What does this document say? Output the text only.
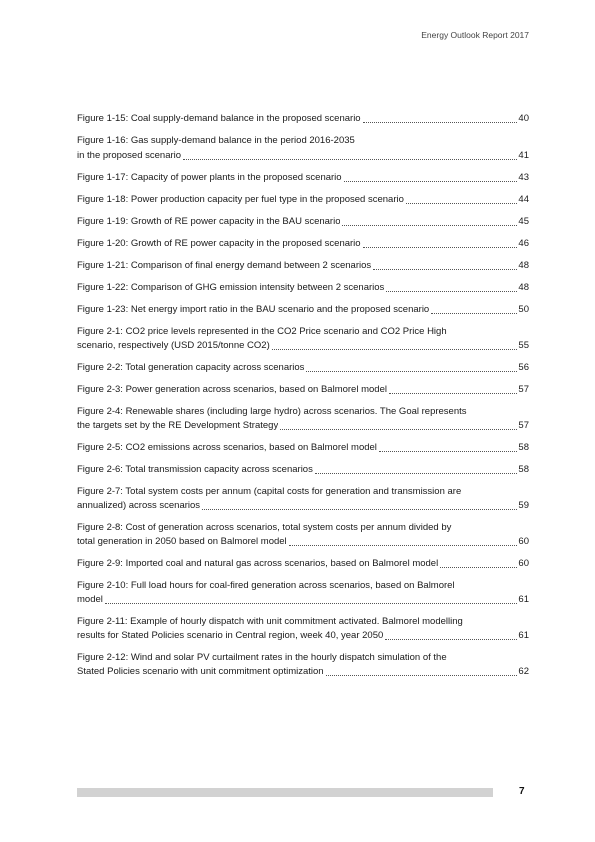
Energy Outlook Report 2017
Figure 1-15: Coal supply-demand balance in the proposed scenario	40
Figure 1-16: Gas supply-demand balance in the period 2016-2035
in the proposed scenario	41
Figure 1-17: Capacity of power plants in the proposed scenario	43
Figure 1-18: Power production capacity per fuel type in the proposed scenario	44
Figure 1-19: Growth of RE power capacity in the BAU scenario	45
Figure 1-20: Growth of RE power capacity in the proposed scenario	46
Figure 1-21: Comparison of final energy demand between 2 scenarios	48
Figure 1-22: Comparison of GHG emission intensity between 2 scenarios	48
Figure 1-23: Net energy import ratio in the BAU scenario and the proposed scenario	50
Figure 2-1: CO2 price levels represented in the CO2 Price scenario and CO2 Price High
scenario, respectively (USD 2015/tonne CO2)	55
Figure 2-2: Total generation capacity across scenarios	56
Figure 2-3: Power generation across scenarios, based on Balmorel model	57
Figure 2-4: Renewable shares (including large hydro) across scenarios. The Goal represents
the targets set by the RE Development Strategy	57
Figure 2-5: CO2 emissions across scenarios, based on Balmorel model	58
Figure 2-6: Total transmission capacity across scenarios	58
Figure 2-7: Total system costs per annum (capital costs for generation and transmission are
annualized) across scenarios	59
Figure 2-8: Cost of generation across scenarios, total system costs per annum divided by
total generation in 2050 based on Balmorel model	60
Figure 2-9: Imported coal and natural gas across scenarios, based on Balmorel model	60
Figure 2-10: Full load hours for coal-fired generation across scenarios, based on Balmorel
model	61
Figure 2-11: Example of hourly dispatch with unit commitment activated. Balmorel modelling
results for Stated Policies scenario in Central region, week 40, year 2050	61
Figure 2-12: Wind and solar PV curtailment rates in the hourly dispatch simulation of the
Stated Policies scenario with unit commitment optimization	62
7
